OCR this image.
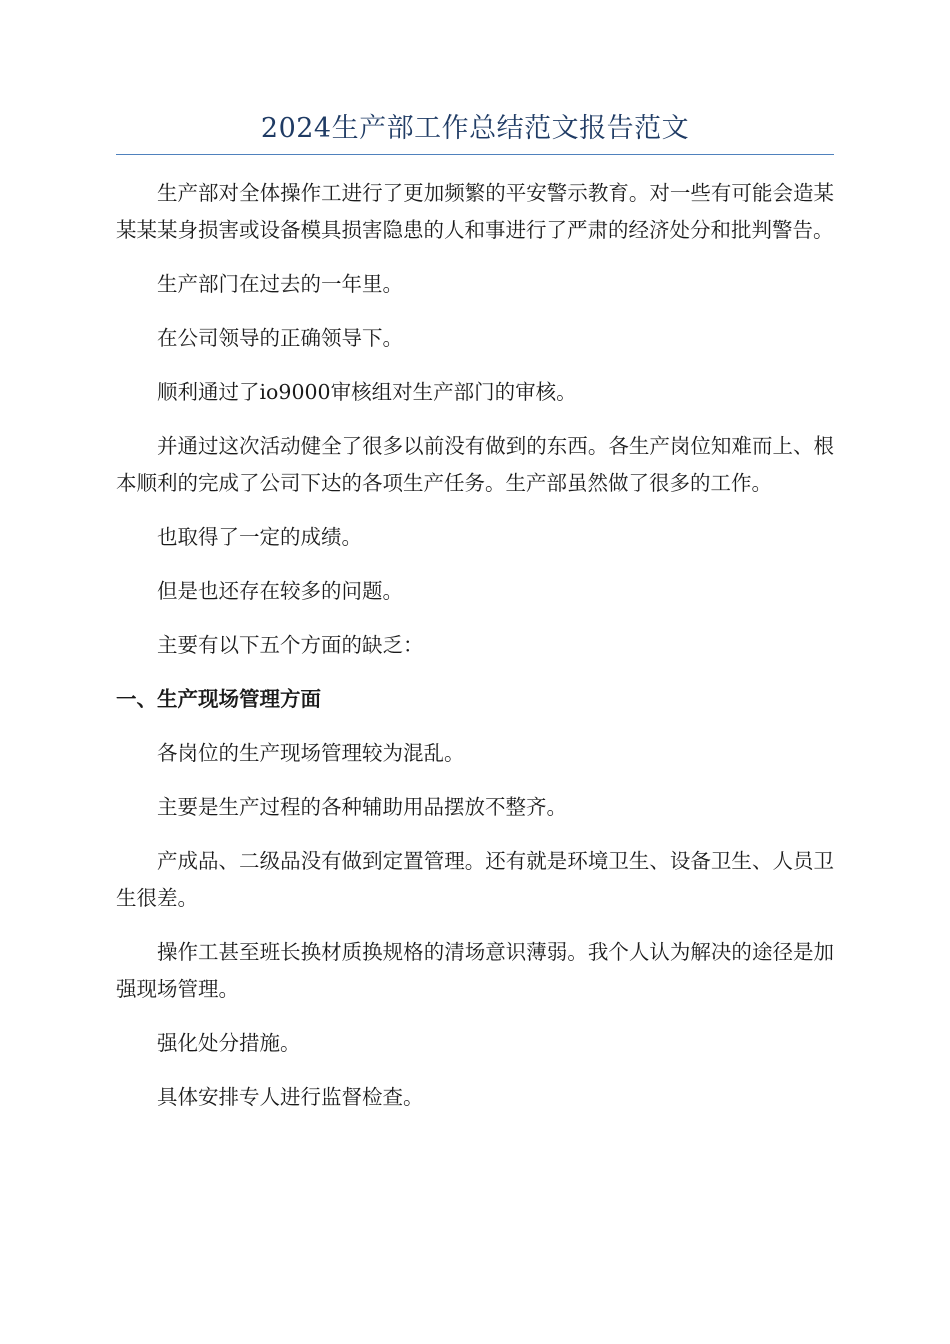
2024生产部工作总结范文报告范文

生产部对全体操作工进行了更加频繁的平安警示教育。对一些有可能会造某某某某身损害或设备模具损害隐患的人和事进行了严肃的经济处分和批判警告。

生产部门在过去的一年里。

在公司领导的正确领导下。

顺利通过了io9000审核组对生产部门的审核。

并通过这次活动健全了很多以前没有做到的东西。各生产岗位知难而上、根本顺利的完成了公司下达的各项生产任务。生产部虽然做了很多的工作。

也取得了一定的成绩。

但是也还存在较多的问题。

主要有以下五个方面的缺乏：

一、生产现场管理方面

各岗位的生产现场管理较为混乱。

主要是生产过程的各种辅助用品摆放不整齐。

产成品、二级品没有做到定置管理。还有就是环境卫生、设备卫生、人员卫生很差。

操作工甚至班长换材质换规格的清场意识薄弱。我个人认为解决的途径是加强现场管理。

强化处分措施。

具体安排专人进行监督检查。
